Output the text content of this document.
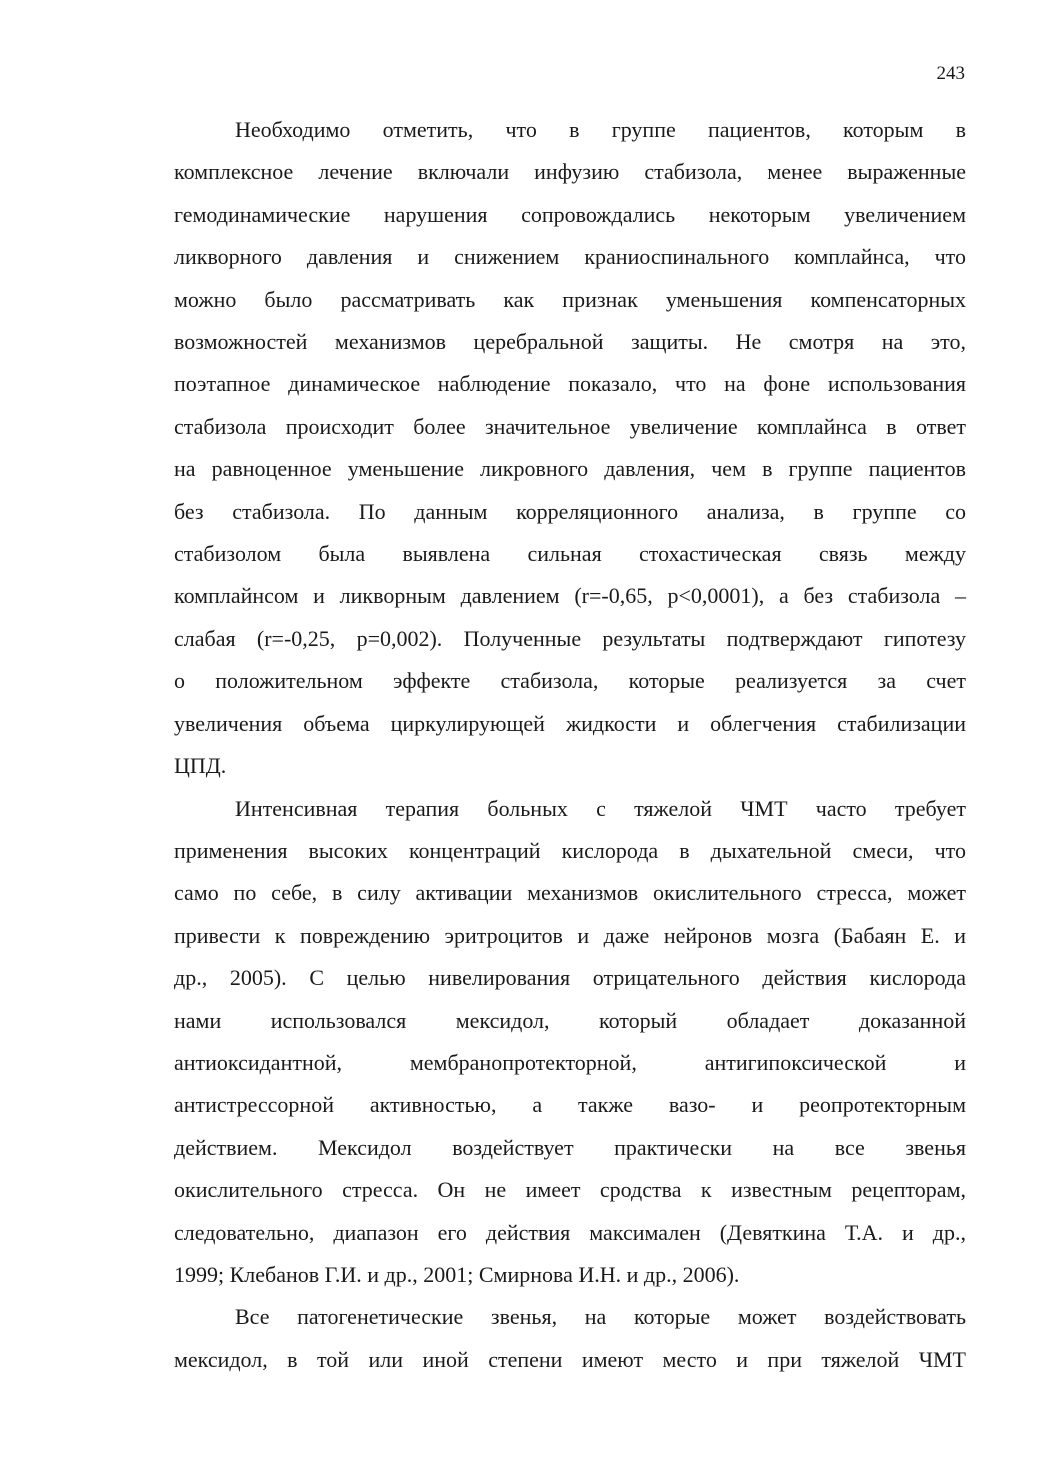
243
Необходимо отметить, что в группе пациентов, которым в
комплексное лечение включали инфузию стабизола, менее выраженные
гемодинамические нарушения сопровождались некоторым увеличением
ликворного давления и снижением краниоспинального комплайнса, что
можно было рассматривать как признак уменьшения компенсаторных
возможностей механизмов церебральной защиты. Не смотря на это,
поэтапное динамическое наблюдение показало, что на фоне использования
стабизола происходит более значительное увеличение комплайнса в ответ
на равноценное уменьшение ликровного давления, чем в группе пациентов
без стабизола. По данным корреляционного анализа, в группе со
стабизолом была выявлена сильная стохастическая связь между
комплайнсом и ликворным давлением (r=-0,65, p<0,0001), а без стабизола –
слабая (r=-0,25, p=0,002). Полученные результаты подтверждают гипотезу
о положительном эффекте стабизола, которые реализуется за счет
увеличения объема циркулирующей жидкости и облегчения стабилизации
ЦПД.
Интенсивная терапия больных с тяжелой ЧМТ часто требует
применения высоких концентраций кислорода в дыхательной смеси, что
само по себе, в силу активации механизмов окислительного стресса, может
привести к повреждению эритроцитов и даже нейронов мозга (Бабаян Е. и
др., 2005). С целью нивелирования отрицательного действия кислорода
нами использовался мексидол, который обладает доказанной
антиоксидантной, мембранопротекторной, антигипоксической и
антистрессорной активностью, а также вазо- и реопротекторным
действием. Мексидол воздействует практически на все звенья
окислительного стресса. Он не имеет сродства к известным рецепторам,
следовательно, диапазон его действия максимален (Девяткина Т.А. и др.,
1999; Клебанов Г.И. и др., 2001; Смирнова И.Н. и др., 2006).
Все патогенетические звенья, на которые может воздействовать
мексидол, в той или иной степени имеют место и при тяжелой ЧМТ
